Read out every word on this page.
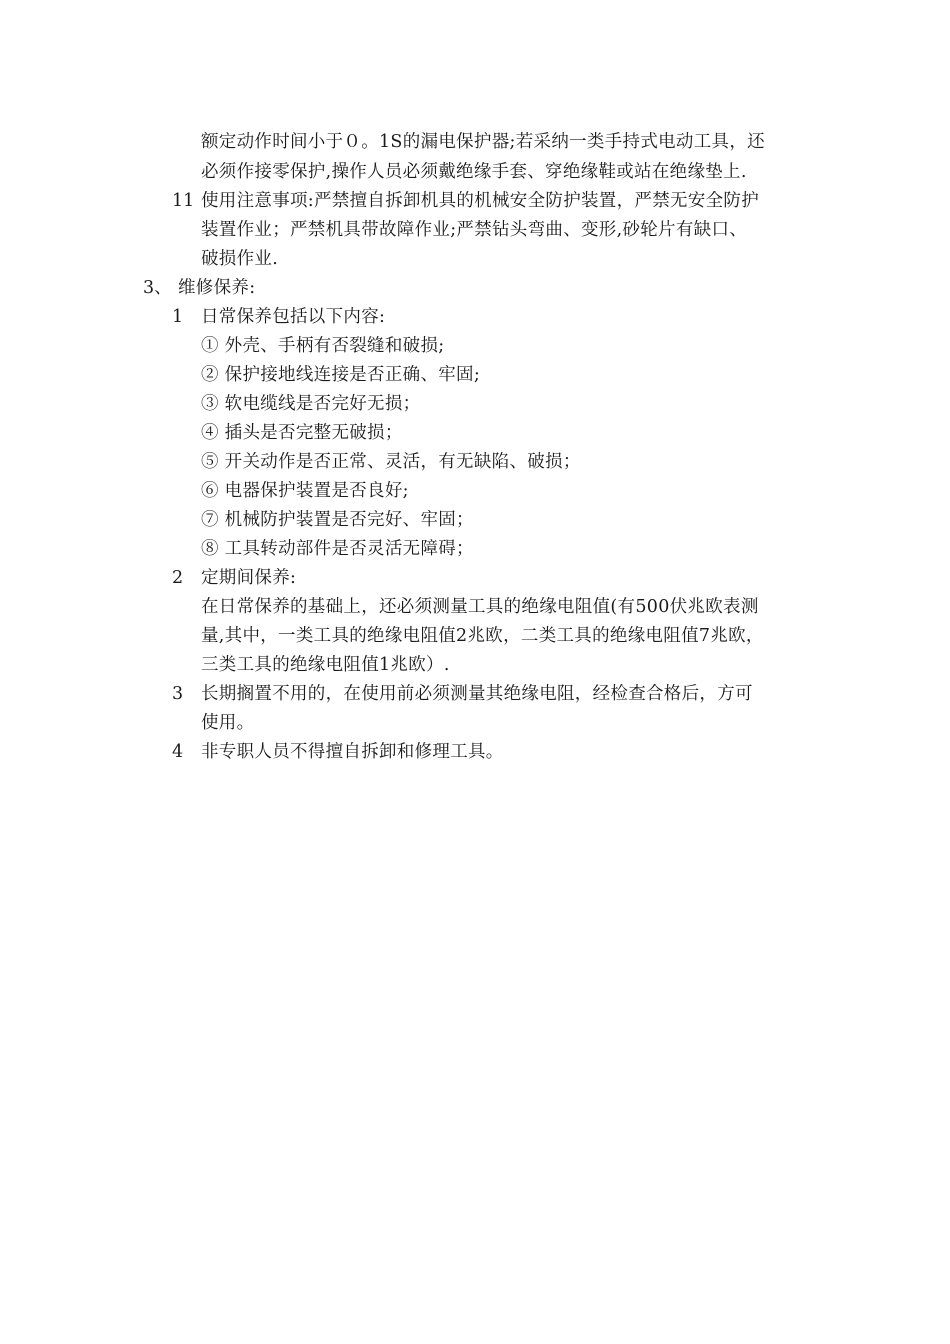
额定动作时间小于０。1S的漏电保护器;若采纳一类手持式电动工具，还
必须作接零保护,操作人员必须戴绝缘手套、穿绝缘鞋或站在绝缘垫上.
11 使用注意事项:严禁擅自拆卸机具的机械安全防护装置，严禁无安全防护
装置作业；严禁机具带故障作业;严禁钻头弯曲、变形,砂轮片有缺口、
破损作业.
3、 维修保养:
1 日常保养包括以下内容:
① 外壳、手柄有否裂缝和破损;
② 保护接地线连接是否正确、牢固;
③ 软电缆线是否完好无损；
④ 插头是否完整无破损；
⑤ 开关动作是否正常、灵活，有无缺陷、破损；
⑥ 电器保护装置是否良好;
⑦ 机械防护装置是否完好、牢固；
⑧ 工具转动部件是否灵活无障碍；
2 定期间保养:
在日常保养的基础上，还必须测量工具的绝缘电阻值(有500伏兆欧表测
量,其中，一类工具的绝缘电阻值2兆欧，二类工具的绝缘电阻值7兆欧，
三类工具的绝缘电阻值1兆欧）.
3 长期搁置不用的，在使用前必须测量其绝缘电阻，经检查合格后，方可
使用。
4 非专职人员不得擅自拆卸和修理工具。
